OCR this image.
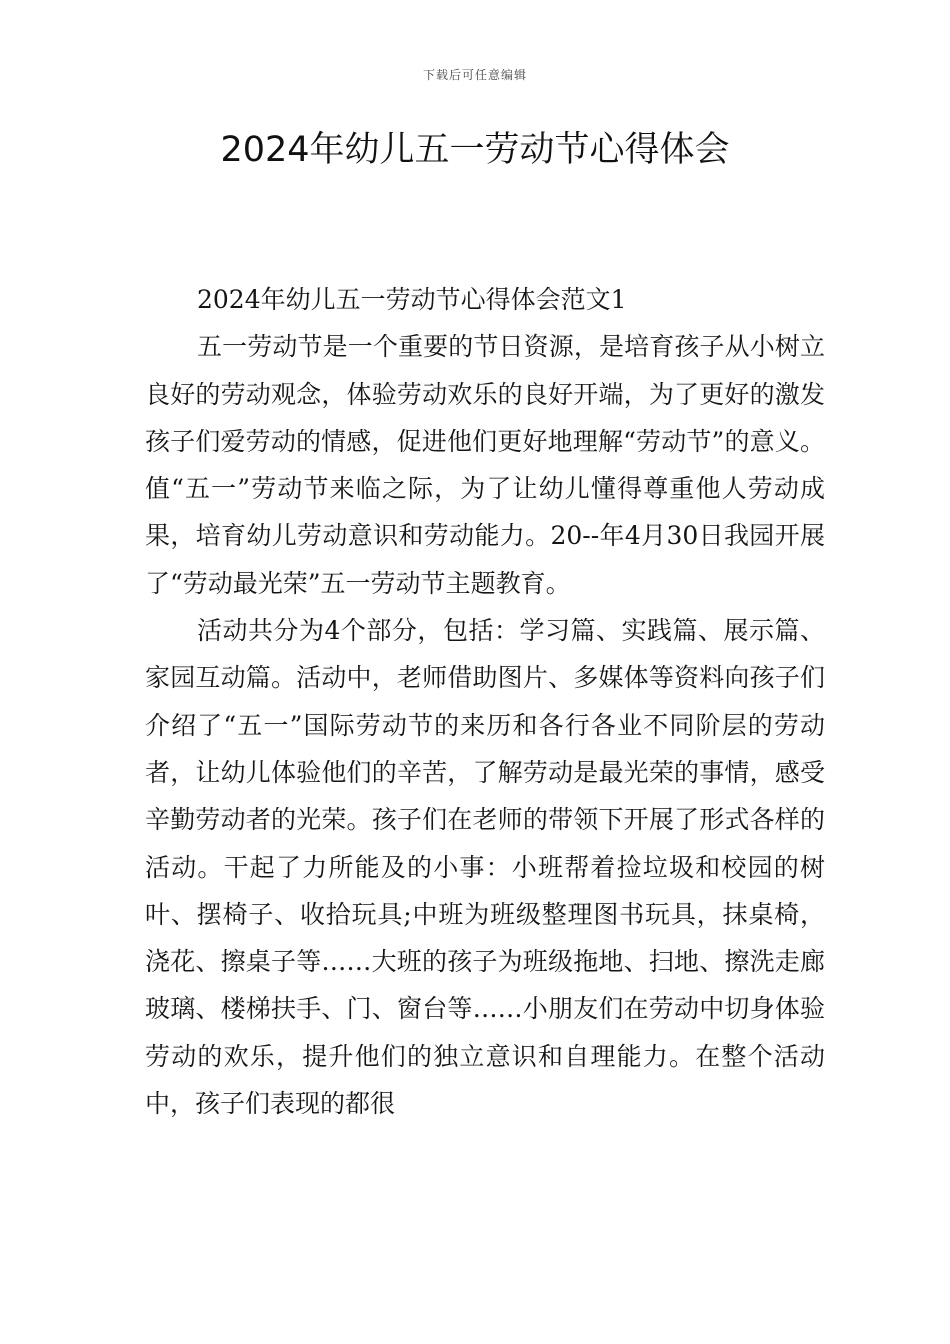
下载后可任意编辑
2024年幼儿五一劳动节心得体会

2024年幼儿五一劳动节心得体会范文1

五一劳动节是一个重要的节日资源，是培育孩子从小树立良好的劳动观念，体验劳动欢乐的良好开端，为了更好的激发孩子们爱劳动的情感，促进他们更好地理解“劳动节”的意义。值“五一”劳动节来临之际，为了让幼儿懂得尊重他人劳动成果，培育幼儿劳动意识和劳动能力。20--年4月30日我园开展了“劳动最光荣”五一劳动节主题教育。

活动共分为4个部分，包括：学习篇、实践篇、展示篇、家园互动篇。活动中，老师借助图片、多媒体等资料向孩子们介绍了“五一”国际劳动节的来历和各行各业不同阶层的劳动者，让幼儿体验他们的辛苦，了解劳动是最光荣的事情，感受辛勤劳动者的光荣。孩子们在老师的带领下开展了形式各样的活动。干起了力所能及的小事：小班帮着捡垃圾和校园的树叶、摆椅子、收拾玩具;中班为班级整理图书玩具，抹桌椅，浇花、擦桌子等……大班的孩子为班级拖地、扫地、擦洗走廊玻璃、楼梯扶手、门、窗台等……小朋友们在劳动中切身体验劳动的欢乐，提升他们的独立意识和自理能力。在整个活动中，孩子们表现的都很
